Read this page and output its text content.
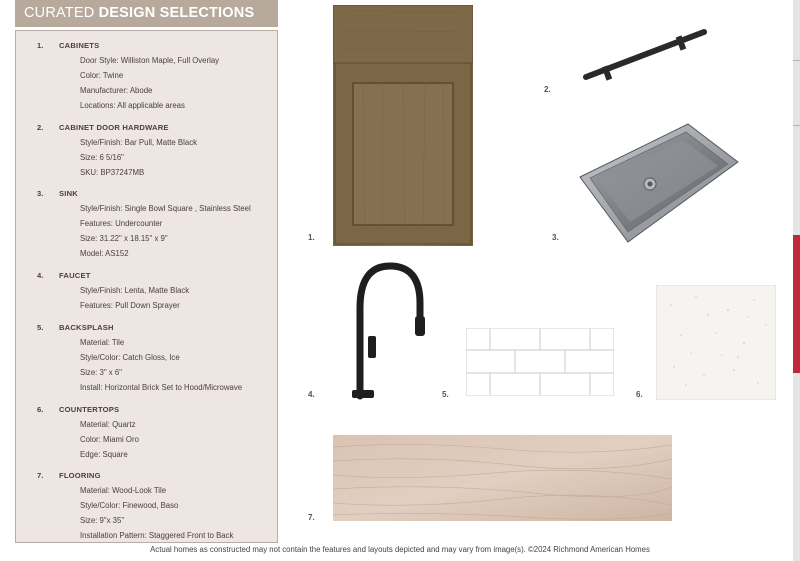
CURATED DESIGN SELECTIONS
1. CABINETS
Door Style: Williston Maple, Full Overlay
Color: Twine
Manufacturer: Abode
Locations: All applicable areas
2. CABINET DOOR HARDWARE
Style/Finish: Bar Pull, Matte Black
Size: 6 5/16"
SKU: BP37247MB
3. SINK
Style/Finish: Single Bowl Square , Stainless Steel
Features: Undercounter
Size: 31.22" x 18.15" x 9"
Model: AS152
4. FAUCET
Style/Finish: Lenta, Matte Black
Features: Pull Down Sprayer
5. BACKSPLASH
Material: Tile
Style/Color: Catch Gloss, Ice
Size: 3" x 6"
Install: Horizontal Brick Set to Hood/Microwave
6. COUNTERTOPS
Material: Quartz
Color: Miami Oro
Edge: Square
7. FLOORING
Material: Wood-Look Tile
Style/Color: Finewood, Baso
Size: 9"x 35"
Installation Pattern: Staggered Front to Back
1.
2.
3.
4.	5.	6.
7.
Actual homes as constructed may not contain the features and layouts depicted and may vary from image(s). ©2024 Richmond American Homes
